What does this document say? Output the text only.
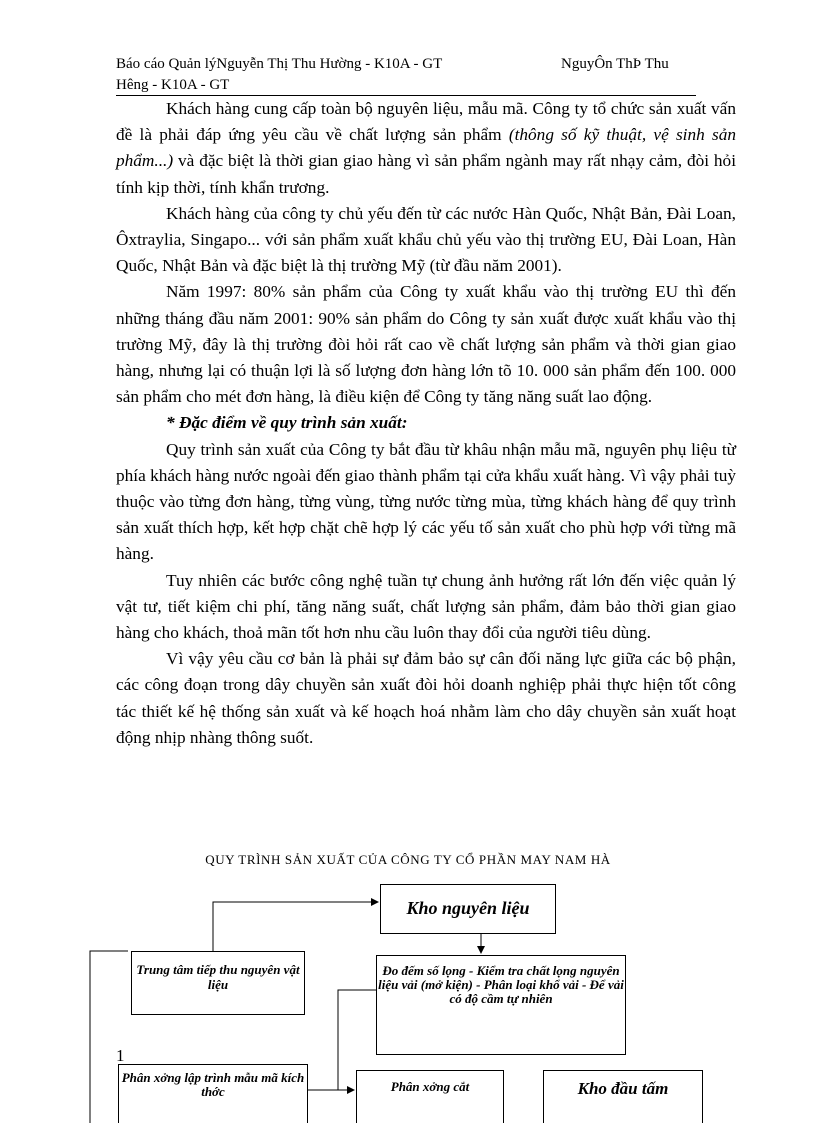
Báo cáo Quản lýNguyễn Thị Thu Hường - K10A - GT	NguyÔn ThÞ Thu
Hêng - K10A - GT

Khách hàng cung cấp toàn bộ nguyên liệu, mẫu mã. Công ty tổ chức sản xuất vấn đề là phải đáp ứng yêu cầu về chất lượng sản phẩm (thông số kỹ thuật, vệ sinh sản phẩm...) và đặc biệt là thời gian giao hàng vì sản phẩm ngành may rất nhạy cảm, đòi hỏi tính kịp thời, tính khẩn trương.

Khách hàng của công ty chủ yếu đến từ các nước Hàn Quốc, Nhật Bản, Đài Loan, Ôxtraylia, Singapo... với sản phẩm xuất khẩu chủ yếu vào thị trường EU, Đài Loan, Hàn Quốc, Nhật Bản và đặc biệt là thị trường Mỹ (từ đầu năm 2001).

Năm 1997: 80% sản phẩm của Công ty xuất khẩu vào thị trường EU thì đến những tháng đầu năm 2001: 90% sản phẩm do Công ty sản xuất được xuất khẩu vào thị trường Mỹ, đây là thị trường đòi hỏi rất cao về chất lượng sản phẩm và thời gian giao hàng, nhưng lại có thuận lợi là số lượng đơn hàng lớn tõ 10. 000 sản phẩm đến 100. 000 sản phẩm cho mét đơn hàng, là điều kiện để Công ty tăng năng suất lao động.

* Đặc điểm về quy trình sản xuất:

Quy trình sản xuất của Công ty bắt đầu từ khâu nhận mẫu mã, nguyên phụ liệu từ phía khách hàng nước ngoài đến giao thành phẩm tại cửa khẩu xuất hàng. Vì vậy phải tuỳ thuộc vào từng đơn hàng, từng vùng, từng nước từng mùa, từng khách hàng để quy trình sản xuất thích hợp, kết hợp chặt chẽ hợp lý các yếu tố sản xuất cho phù hợp với từng mã hàng.

Tuy nhiên các bước công nghệ tuần tự chung ảnh hưởng rất lớn đến việc quản lý vật tư, tiết kiệm chi phí, tăng năng suất, chất lượng sản phẩm, đảm bảo thời gian giao hàng cho khách, thoả mãn tốt hơn nhu cầu luôn thay đổi của người tiêu dùng.

Vì vậy yêu cầu cơ bản là phải sự đảm bảo sự cân đối năng lực giữa các bộ phận, các công đoạn trong dây chuyền sản xuất đòi hỏi doanh nghiệp phải thực hiện tốt công tác thiết kế hệ thống sản xuất và kế hoạch hoá nhằm làm cho dây chuyền sản xuất hoạt động nhịp nhàng thông suốt.

QUY TRÌNH SẢN XUẤT CỦA CÔNG TY CỔ PHẦN MAY NAM HÀ
Kho nguyên liệu
Trung tâm tiếp thu nguyên vật liệu
Đo đếm số lọng - Kiểm tra chất lọng nguyên liệu vải (mở kiện) - Phân loại khổ vải - Để vải có độ cầm tự nhiên
Phân xởng lập trình mẫu mã kích thớc	Phân xởng cắt	Kho đầu tấm
1
